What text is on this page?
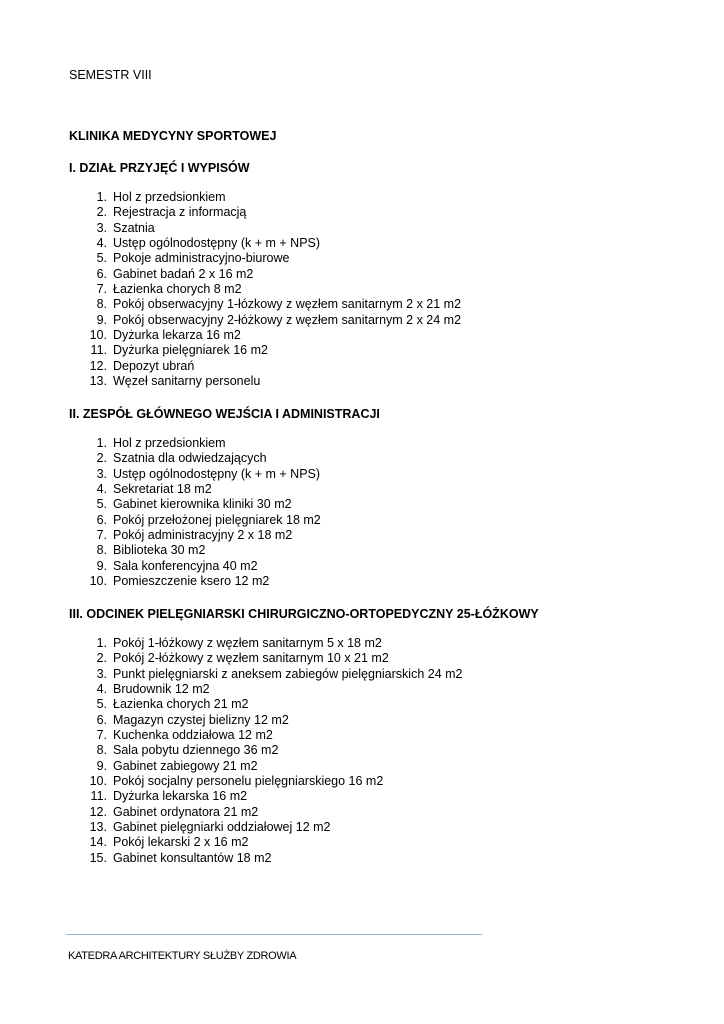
SEMESTR VIII

KLINIKA MEDYCYNY SPORTOWEJ

I. DZIAŁ PRZYJĘĆ I WYPISÓW
1. Hol z przedsionkiem
2. Rejestracja z informacją
3. Szatnia
4. Ustęp ogólnodostępny (k + m + NPS)
5. Pokoje administracyjno-biurowe
6. Gabinet badań 2 x 16 m2
7. Łazienka chorych 8 m2
8. Pokój obserwacyjny 1-łózkowy z węzłem sanitarnym 2 x 21 m2
9. Pokój obserwacyjny 2-łóżkowy z węzłem sanitarnym 2 x 24 m2
10. Dyżurka lekarza 16 m2
11. Dyżurka pielęgniarek 16 m2
12. Depozyt ubrań
13. Węzeł sanitarny personelu
II. ZESPÓŁ GŁÓWNEGO WEJŚCIA I ADMINISTRACJI
1. Hol z przedsionkiem
2. Szatnia dla odwiedzających
3. Ustęp ogólnodostępny (k + m + NPS)
4. Sekretariat 18 m2
5. Gabinet kierownika kliniki 30 m2
6. Pokój przełożonej pielęgniarek 18 m2
7. Pokój administracyjny 2 x 18 m2
8. Biblioteka 30 m2
9. Sala konferencyjna 40 m2
10. Pomieszczenie ksero 12 m2
III. ODCINEK PIELĘGNIARSKI CHIRURGICZNO-ORTOPEDYCZNY 25-ŁÓŻKOWY
1. Pokój 1-łóżkowy z węzłem sanitarnym 5 x 18 m2
2. Pokój 2-łóżkowy z węzłem sanitarnym 10 x 21 m2
3. Punkt pielęgniarski z aneksem zabiegów pielęgniarskich 24 m2
4. Brudownik 12 m2
5. Łazienka chorych 21 m2
6. Magazyn czystej bielizny 12 m2
7. Kuchenka oddziałowa 12 m2
8. Sala pobytu dziennego 36 m2
9. Gabinet zabiegowy 21 m2
10. Pokój socjalny personelu pielęgniarskiego 16 m2
11. Dyżurka lekarska 16 m2
12. Gabinet ordynatora 21 m2
13. Gabinet pielęgniarki oddziałowej 12 m2
14. Pokój lekarski 2 x 16 m2
15. Gabinet konsultantów 18 m2

KATEDRA ARCHITEKTURY SŁUŻBY ZDROWIA
